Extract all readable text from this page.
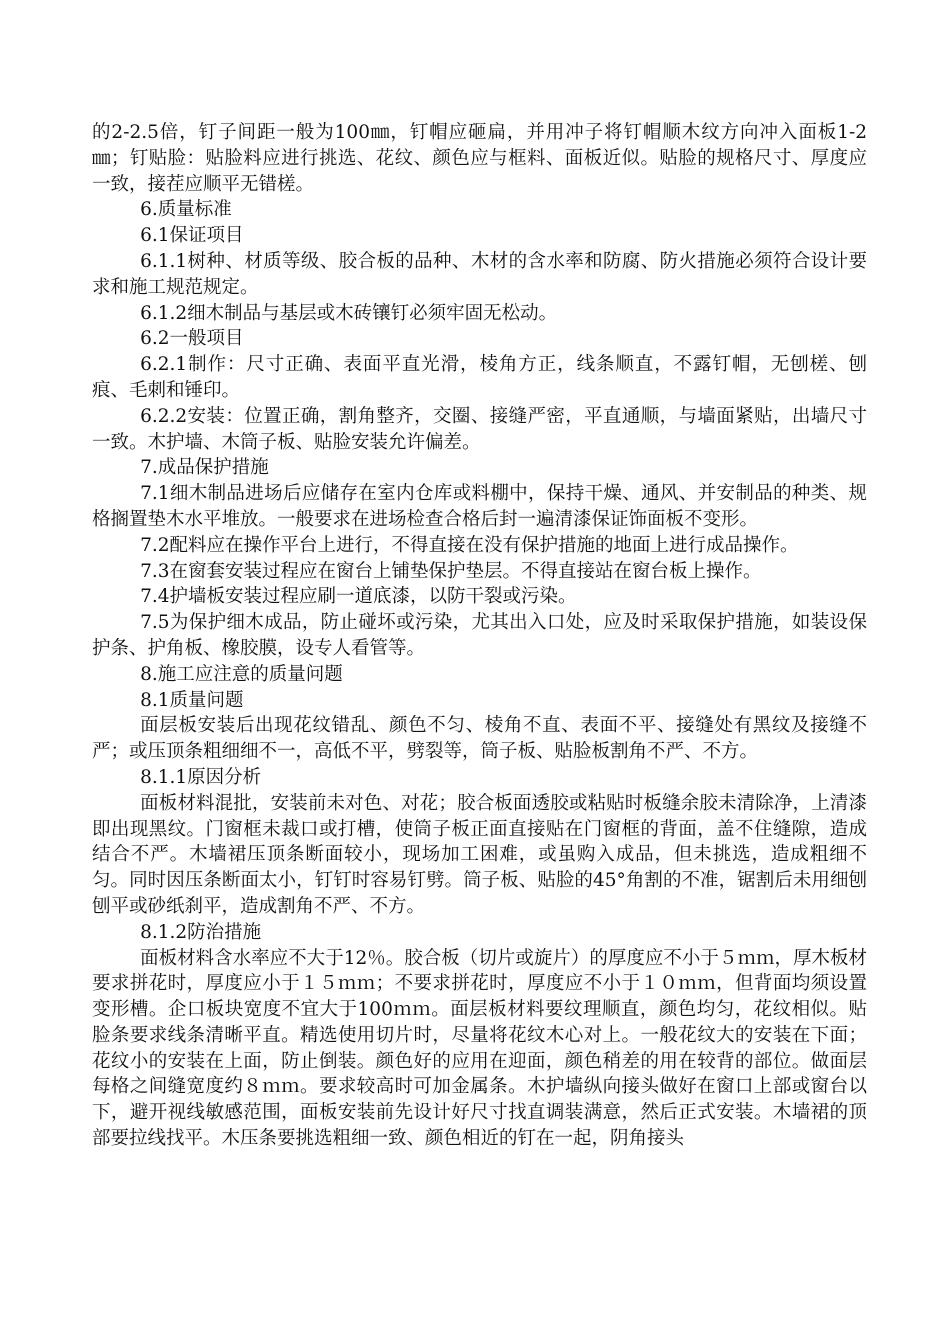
的2-2.5倍，钉子间距一般为100㎜，钉帽应砸扁，并用冲子将钉帽顺木纹方向冲入面板1-2㎜；钉贴脸：贴脸料应进行挑选、花纹、颜色应与框料、面板近似。贴脸的规格尺寸、厚度应一致，接茬应顺平无错槎。

6.质量标准

6.1保证项目

6.1.1树种、材质等级、胶合板的品种、木材的含水率和防腐、防火措施必须符合设计要求和施工规范规定。

6.1.2细木制品与基层或木砖镶钉必须牢固无松动。

6.2一般项目

6.2.1制作：尺寸正确、表面平直光滑，棱角方正，线条顺直，不露钉帽，无刨槎、刨痕、毛刺和锤印。

6.2.2安装：位置正确，割角整齐，交圈、接缝严密，平直通顺，与墙面紧贴，出墙尺寸一致。木护墙、木筒子板、贴脸安装允许偏差。

7.成品保护措施

7.1细木制品进场后应储存在室内仓库或料棚中，保持干燥、通风、并安制品的种类、规格搁置垫木水平堆放。一般要求在进场检查合格后封一遍清漆保证饰面板不变形。

7.2配料应在操作平台上进行，不得直接在没有保护措施的地面上进行成品操作。

7.3在窗套安装过程应在窗台上铺垫保护垫层。不得直接站在窗台板上操作。

7.4护墙板安装过程应刷一道底漆，以防干裂或污染。

7.5为保护细木成品，防止碰坏或污染，尤其出入口处，应及时采取保护措施，如装设保护条、护角板、橡胶膜，设专人看管等。

8.施工应注意的质量问题

8.1质量问题

面层板安装后出现花纹错乱、颜色不匀、棱角不直、表面不平、接缝处有黑纹及接缝不严；或压顶条粗细细不一，高低不平，劈裂等，筒子板、贴脸板割角不严、不方。

8.1.1原因分析

面板材料混批，安装前未对色、对花；胶合板面透胶或粘贴时板缝余胶未清除净，上清漆即出现黑纹。门窗框未裁口或打槽，使筒子板正面直接贴在门窗框的背面，盖不住缝隙，造成结合不严。木墙裙压顶条断面较小，现场加工困难，或虽购入成品，但未挑选，造成粗细不匀。同时因压条断面太小，钉钉时容易钉劈。筒子板、贴脸的45°角割的不准，锯割后未用细刨刨平或砂纸刹平，造成割角不严、不方。

8.1.2防治措施

面板材料含水率应不大于12％。胶合板（切片或旋片）的厚度应不小于５ｍｍ，厚木板材要求拼花时，厚度应小于１５ｍｍ；不要求拼花时，厚度应不小于１０ｍｍ，但背面均须设置变形槽。企口板块宽度不宜大于100ｍｍ。面层板材料要纹理顺直，颜色均匀，花纹相似。贴脸条要求线条清晰平直。精选使用切片时，尽量将花纹木心对上。一般花纹大的安装在下面；花纹小的安装在上面，防止倒装。颜色好的应用在迎面，颜色稍差的用在较背的部位。做面层每格之间缝宽度约８ｍｍ。要求较高时可加金属条。木护墙纵向接头做好在窗口上部或窗台以下，避开视线敏感范围，面板安装前先设计好尺寸找直调装满意，然后正式安装。木墙裙的顶部要拉线找平。木压条要挑选粗细一致、颜色相近的钉在一起，阴角接头
